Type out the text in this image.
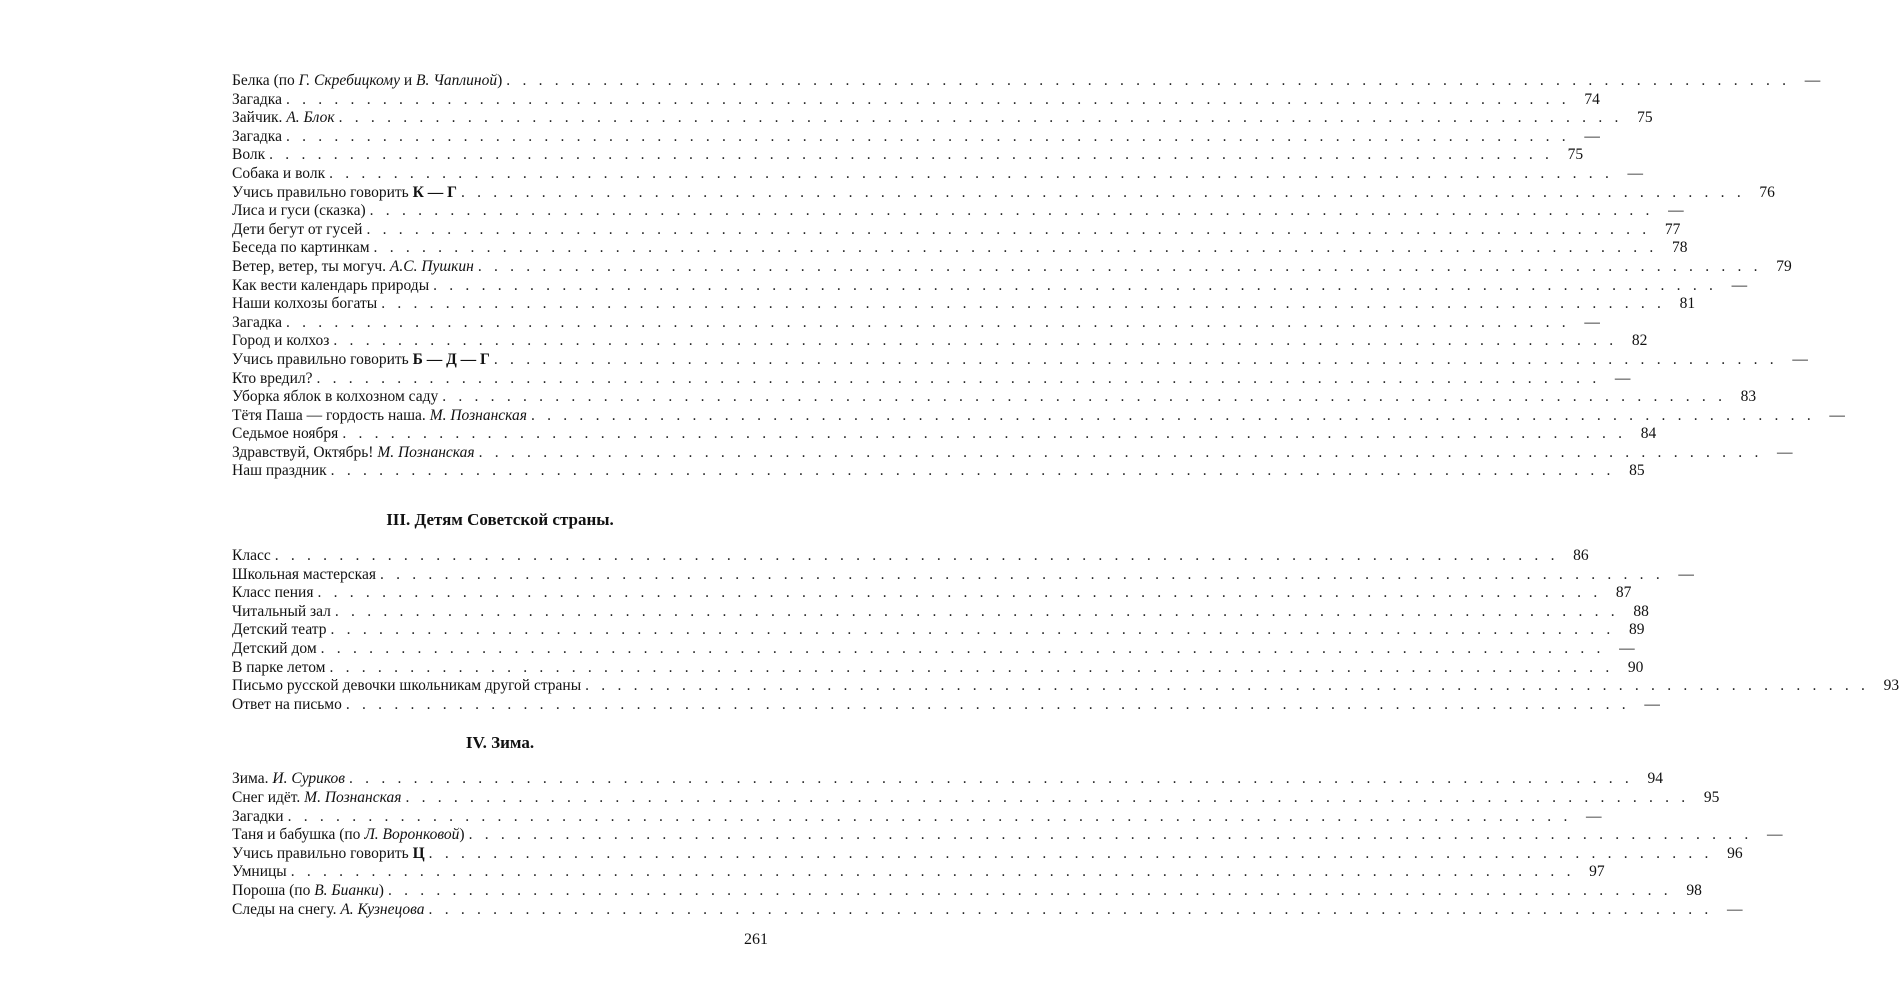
Белка (по Г. Скребицкому и В. Чаплиной) . . . . . . . . . . . . . . . . . . . . . . . . . . . . . . . . . . . . . . . . . . . . . . . . . . . . . . . . . . . . . . . . . . . . . . . . . . . . . . . . —
Загадка . . . . . . . . . . . . . . . . . . . . . . . . . . . . . . . . . . . . . . . . . . . . . . . . . . . . . . . . . . . . . . . . . . . . . . . . . . . . . . . . 74
Зайчик. А. Блок . . . . . . . . . . . . . . . . . . . . . . . . . . . . . . . . . . . . . . . . . . . . . . . . . . . . . . . . . . . . . . . . . . . . . . . . . . . . . . . . 75
Загадка . . . . . . . . . . . . . . . . . . . . . . . . . . . . . . . . . . . . . . . . . . . . . . . . . . . . . . . . . . . . . . . . . . . . . . . . . . . . . . . . —
Волк . . . . . . . . . . . . . . . . . . . . . . . . . . . . . . . . . . . . . . . . . . . . . . . . . . . . . . . . . . . . . . . . . . . . . . . . . . . . . . . . 75
Собака и волк . . . . . . . . . . . . . . . . . . . . . . . . . . . . . . . . . . . . . . . . . . . . . . . . . . . . . . . . . . . . . . . . . . . . . . . . . . . . . . . . —
Учись правильно говорить К — Г . . . . . . . . . . . . . . . . . . . . . . . . . . . . . . . . . . . . . . . . . . . . . . . . . . . . . . . . . . . . . . . . . . . . . . . . . . . . . . . . 76
Лиса и гуси (сказка) . . . . . . . . . . . . . . . . . . . . . . . . . . . . . . . . . . . . . . . . . . . . . . . . . . . . . . . . . . . . . . . . . . . . . . . . . . . . . . . . —
Дети бегут от гусей . . . . . . . . . . . . . . . . . . . . . . . . . . . . . . . . . . . . . . . . . . . . . . . . . . . . . . . . . . . . . . . . . . . . . . . . . . . . . . . . 77
Беседа по картинкам . . . . . . . . . . . . . . . . . . . . . . . . . . . . . . . . . . . . . . . . . . . . . . . . . . . . . . . . . . . . . . . . . . . . . . . . . . . . . . . . 78
Ветер, ветер, ты могуч. А.С. Пушкин . . . . . . . . . . . . . . . . . . . . . . . . . . . . . . . . . . . . . . . . . . . . . . . . . . . . . . . . . . . . . . . . . . . . . . . . . . . . . . . . 79
Как вести календарь природы . . . . . . . . . . . . . . . . . . . . . . . . . . . . . . . . . . . . . . . . . . . . . . . . . . . . . . . . . . . . . . . . . . . . . . . . . . . . . . . . —
Наши колхозы богаты . . . . . . . . . . . . . . . . . . . . . . . . . . . . . . . . . . . . . . . . . . . . . . . . . . . . . . . . . . . . . . . . . . . . . . . . . . . . . . . . 81
Загадка . . . . . . . . . . . . . . . . . . . . . . . . . . . . . . . . . . . . . . . . . . . . . . . . . . . . . . . . . . . . . . . . . . . . . . . . . . . . . . . . —
Город и колхоз . . . . . . . . . . . . . . . . . . . . . . . . . . . . . . . . . . . . . . . . . . . . . . . . . . . . . . . . . . . . . . . . . . . . . . . . . . . . . . . . 82
Учись правильно говорить Б — Д — Г . . . . . . . . . . . . . . . . . . . . . . . . . . . . . . . . . . . . . . . . . . . . . . . . . . . . . . . . . . . . . . . . . . . . . . . . . . . . . . . . —
Кто вредил? . . . . . . . . . . . . . . . . . . . . . . . . . . . . . . . . . . . . . . . . . . . . . . . . . . . . . . . . . . . . . . . . . . . . . . . . . . . . . . . . —
Уборка яблок в колхозном саду . . . . . . . . . . . . . . . . . . . . . . . . . . . . . . . . . . . . . . . . . . . . . . . . . . . . . . . . . . . . . . . . . . . . . . . . . . . . . . . . 83
Тётя Паша — гордость наша. М. Познанская . . . . . . . . . . . . . . . . . . . . . . . . . . . . . . . . . . . . . . . . . . . . . . . . . . . . . . . . . . . . . . . . . . . . . . . . . . . . . . . . —
Седьмое ноября . . . . . . . . . . . . . . . . . . . . . . . . . . . . . . . . . . . . . . . . . . . . . . . . . . . . . . . . . . . . . . . . . . . . . . . . . . . . . . . . 84
Здравствуй, Октябрь! М. Познанская . . . . . . . . . . . . . . . . . . . . . . . . . . . . . . . . . . . . . . . . . . . . . . . . . . . . . . . . . . . . . . . . . . . . . . . . . . . . . . . . —
Наш праздник . . . . . . . . . . . . . . . . . . . . . . . . . . . . . . . . . . . . . . . . . . . . . . . . . . . . . . . . . . . . . . . . . . . . . . . . . . . . . . . . 85
III. Детям Советской страны.
Класс . . . . . . . . . . . . . . . . . . . . . . . . . . . . . . . . . . . . . . . . . . . . . . . . . . . . . . . . . . . . . . . . . . . . . . . . . . . . . . . . 86
Школьная мастерская . . . . . . . . . . . . . . . . . . . . . . . . . . . . . . . . . . . . . . . . . . . . . . . . . . . . . . . . . . . . . . . . . . . . . . . . . . . . . . . . —
Класс пения . . . . . . . . . . . . . . . . . . . . . . . . . . . . . . . . . . . . . . . . . . . . . . . . . . . . . . . . . . . . . . . . . . . . . . . . . . . . . . . . 87
Читальный зал . . . . . . . . . . . . . . . . . . . . . . . . . . . . . . . . . . . . . . . . . . . . . . . . . . . . . . . . . . . . . . . . . . . . . . . . . . . . . . . . 88
Детский театр . . . . . . . . . . . . . . . . . . . . . . . . . . . . . . . . . . . . . . . . . . . . . . . . . . . . . . . . . . . . . . . . . . . . . . . . . . . . . . . . 89
Детский дом . . . . . . . . . . . . . . . . . . . . . . . . . . . . . . . . . . . . . . . . . . . . . . . . . . . . . . . . . . . . . . . . . . . . . . . . . . . . . . . . —
В парке летом . . . . . . . . . . . . . . . . . . . . . . . . . . . . . . . . . . . . . . . . . . . . . . . . . . . . . . . . . . . . . . . . . . . . . . . . . . . . . . . . 90
Письмо русской девочки школьникам другой страны . . . . . . . . . . . . . . . . . . . . . . . . . . . . . . . . . . . . . . . . . . . . . . . . . . . . . . . . . . . . . . . . . . . . . . . . . . . . . . . . 93
Ответ на письмо . . . . . . . . . . . . . . . . . . . . . . . . . . . . . . . . . . . . . . . . . . . . . . . . . . . . . . . . . . . . . . . . . . . . . . . . . . . . . . . . —
IV. Зима.
Зима. И. Суриков . . . . . . . . . . . . . . . . . . . . . . . . . . . . . . . . . . . . . . . . . . . . . . . . . . . . . . . . . . . . . . . . . . . . . . . . . . . . . . . . 94
Снег идёт. М. Познанская . . . . . . . . . . . . . . . . . . . . . . . . . . . . . . . . . . . . . . . . . . . . . . . . . . . . . . . . . . . . . . . . . . . . . . . . . . . . . . . . 95
Загадки . . . . . . . . . . . . . . . . . . . . . . . . . . . . . . . . . . . . . . . . . . . . . . . . . . . . . . . . . . . . . . . . . . . . . . . . . . . . . . . . —
Таня и бабушка (по Л. Воронковой) . . . . . . . . . . . . . . . . . . . . . . . . . . . . . . . . . . . . . . . . . . . . . . . . . . . . . . . . . . . . . . . . . . . . . . . . . . . . . . . . —
Учись правильно говорить Ц . . . . . . . . . . . . . . . . . . . . . . . . . . . . . . . . . . . . . . . . . . . . . . . . . . . . . . . . . . . . . . . . . . . . . . . . . . . . . . . . 96
Умницы . . . . . . . . . . . . . . . . . . . . . . . . . . . . . . . . . . . . . . . . . . . . . . . . . . . . . . . . . . . . . . . . . . . . . . . . . . . . . . . . 97
Пороша (по В. Бианки) . . . . . . . . . . . . . . . . . . . . . . . . . . . . . . . . . . . . . . . . . . . . . . . . . . . . . . . . . . . . . . . . . . . . . . . . . . . . . . . . 98
Следы на снегу. А. Кузнецова . . . . . . . . . . . . . . . . . . . . . . . . . . . . . . . . . . . . . . . . . . . . . . . . . . . . . . . . . . . . . . . . . . . . . . . . . . . . . . . . —
261
